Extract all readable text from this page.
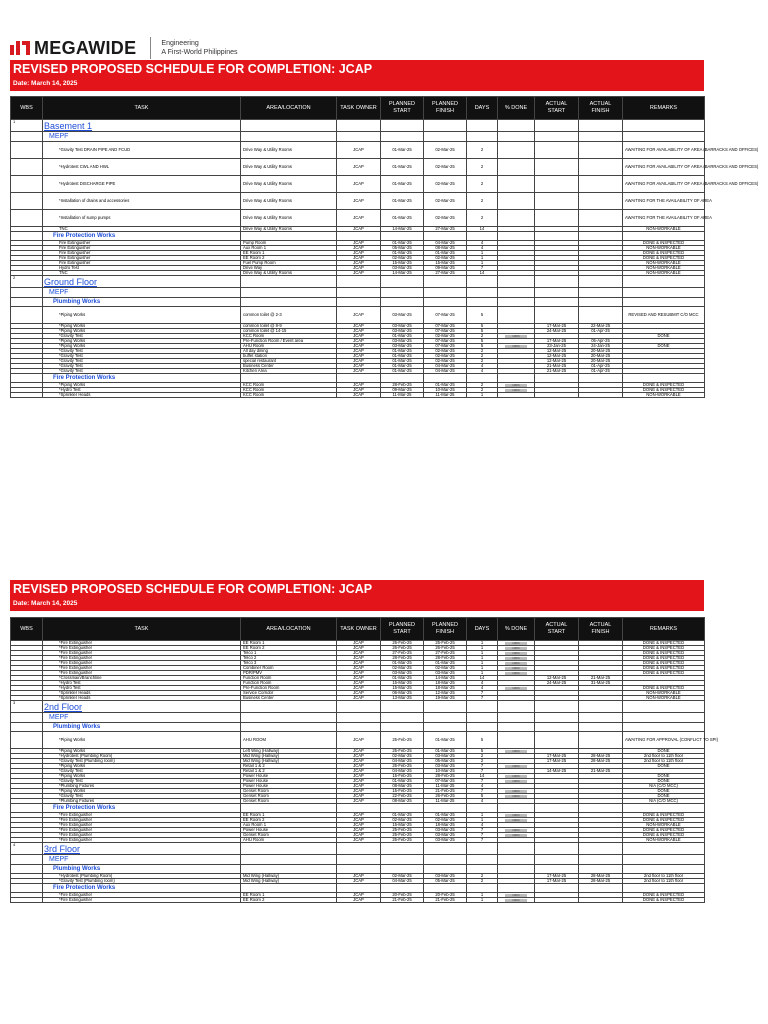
MEGAWIDE	Engineering
A First-World Philippines
REVISED PROPOSED SCHEDULE FOR COMPLETION: JCAP
Date: March 14, 2025
WBS	TASK	AREA/LOCATION	TASK OWNER	PLANNED START	PLANNED FINISH	DAYS	% DONE	ACTUAL START	ACTUAL FINISH	REMARKS
1	Basement 1									
	MEPF									
	*Gravity Test DRAIN PIPE AND FCUD	Drive Way & Utility Rooms	JCAP	01-Mar-25	02-Mar-25	2				AWAITING FOR AVAILABILITY OF AREA (BARRACKS AND OFFICES)
	*Hydrotest CWL AND HWL	Drive Way & Utility Rooms	JCAP	01-Mar-25	02-Mar-25	2				AWAITING FOR AVAILABILITY OF AREA (BARRACKS AND OFFICES)
	*Hydrotest DISCHARGE PIPE	Drive Way & Utility Rooms	JCAP	01-Mar-25	02-Mar-25	2				AWAITING FOR AVAILABILITY OF AREA (BARRACKS AND OFFICES)
	*Installation of drains and accessories	Drive Way & Utility Rooms	JCAP	01-Mar-25	02-Mar-25	2				AWAITING FOR THE AVAILABILITY OF AREA
	*Installation of sump pumps	Drive Way & Utility Rooms	JCAP	01-Mar-25	02-Mar-25	2				AWAITING FOR THE AVAILABILITY OF AREA
	TNC	Drive Way & Utility Rooms	JCAP	14-Mar-25	27-Mar-25	14				NON-WORKABLE
	Fire Protection Works									
	Fire Extinguisher	Pump Room	JCAP	01-Mar-25	04-Mar-25	4				DONE & INSPECTED
	Fire Extinguisher	Aux Room 1	JCAP	05-Mar-25	08-Mar-25	4				NON-WORKABLE
	Fire Extinguisher	EE Room 1	JCAP	01-Mar-25	01-Mar-25	1				DONE & INSPECTED
	Fire Extinguisher	EE Room 2	JCAP	02-Mar-25	02-Mar-25	1				DONE & INSPECTED
	Fire Extinguisher	Fuel Pump Room	JCAP	15-Mar-25	15-Mar-25	1				NON-WORKABLE
	Hydro Test	Drive Way	JCAP	03-Mar-25	09-Mar-25	7				NON-WORKABLE
	TNC	Drive Way & Utility Rooms	JCAP	14-Mar-25	27-Mar-25	14				NON-WORKABLE
2	Ground Floor									
	MEPF									
	Plumbing Works									
	*Piping Works	common toilet @ 2-3	JCAP	03-Mar-25	07-Mar-25	5				REVISED AND RESUBMIT C/O MCC
	*Piping Works	common toilet @ 8-9	JCAP	03-Mar-25	07-Mar-25	5		17-Mar-25	22-Mar-25	
	*Piping Works	common toilet @ 14-15	JCAP	03-Mar-25	07-Mar-25	5		24-Mar-25	01-Apr-25	
	*Gravity Test	KCC Room	JCAP	01-Mar-25	02-Mar-25	2	100%			DONE
	*Piping Works	Pre-Function Room / Event area	JCAP	03-Mar-25	07-Mar-25	5		17-Mar-25	05-Apr-25	
	*Piping Works	AHU Room	JCAP	03-Mar-25	07-Mar-25	5	100%	23-Jan-25	24-Jan-25	DONE
	*Gravity Test	All day dining	JCAP	01-Mar-25	02-Mar-25	2		12-Mar-25	20-Mar-25	
	*Gravity Test	buffet station	JCAP	01-Mar-25	02-Mar-25	2		12-Mar-25	20-Mar-25	
	*Gravity Test	special restaurant	JCAP	01-Mar-25	02-Mar-25	2		12-Mar-25	20-Mar-25	
	*Gravity Test	Business Center	JCAP	01-Mar-25	04-Mar-25	4		21-Mar-25	01-Apr-25	
	*Gravity Test	Kitchen Area	JCAP	01-Mar-25	04-Mar-25	4		21-Mar-25	01-Apr-25	
	Fire Protection Works									
	*Piping Works	KCC Room	JCAP	28-Feb-25	01-Mar-25	2	100%			DONE & INSPECTED
	*Hydro Test	KCC Room	JCAP	09-Mar-25	10-Mar-25	2	100%			DONE & INSPECTED
	*Sprinkler Heads	KCC Room	JCAP	11-Mar-25	11-Mar-25	1				NON-WORKABLE
REVISED PROPOSED SCHEDULE FOR COMPLETION: JCAP
Date: March 14, 2025
WBS	TASK	AREA/LOCATION	TASK OWNER	PLANNED START	PLANNED FINISH	DAYS	% DONE	ACTUAL START	ACTUAL FINISH	REMARKS
	*Fire Extinguisher	EE Room 1	JCAP	25-Feb-25	25-Feb-25	1	100%			DONE & INSPECTED
	*Fire Extinguisher	EE Room 2	JCAP	26-Feb-25	26-Feb-25	1	100%			DONE & INSPECTED
	*Fire Extinguisher	Telco 1	JCAP	27-Feb-25	27-Feb-25	1	100%			DONE & INSPECTED
	*Fire Extinguisher	Telco 2	JCAP	28-Feb-25	28-Feb-25	1	100%			DONE & INSPECTED
	*Fire Extinguisher	Telco 3	JCAP	01-Mar-25	01-Mar-25	1	100%			DONE & INSPECTED
	*Fire Extinguisher	Combiner Room	JCAP	02-Mar-25	02-Mar-25	1	100%			DONE & INSPECTED
	*Fire Extinguisher	PDR/PMV	JCAP	03-Mar-25	03-Mar-25	1	100%			DONE & INSPECTED
	*Crossmain/Branchline	Function Room	JCAP	01-Mar-25	14-Mar-25	14		12-Mar-25	21-Mar-25	
	*Hydro Test	Function Room	JCAP	15-Mar-25	18-Mar-25	4		24-Mar-25	31-Mar-25	
	*Hydro Test	Pre-Function Room	JCAP	15-Mar-25	18-Mar-25	4	100%			DONE & INSPECTED
	*Sprinkler Heads	Service Corridor	JCAP	06-Mar-25	12-Mar-25	7				NON-WORKABLE
	*Sprinkler Heads	Business Center	JCAP	13-Mar-25	19-Mar-25	7				NON-WORKABLE
3	2nd Floor									
	MEPF									
	Plumbing Works									
	*Piping Works	AHU ROOM	JCAP	25-Feb-25	01-Mar-25	5				AWAITING FOR APPROVAL (CONFLICT TO SPI)
	*Piping Works	Left Wing (Hallway)	JCAP	25-Feb-25	01-Mar-25	5	100%			DONE
	*Hydrotest (Plumbing Room)	Mid Wing (Hallway)	JCAP	02-Mar-25	03-Mar-25	2		17-Mar-25	28-Mar-25	2nd floor to 11th floor
	*Gravity Test (Plumbing room)	Mid Wing (Hallway)	JCAP	04-Mar-25	05-Mar-25	2		17-Mar-25	28-Mar-25	2nd floor to 11th floor
	*Piping Works	Retail 1 & 2	JCAP	25-Feb-25	03-Mar-25	7	100%			DONE
	*Gravity Test	Retail 1 & 2	JCAP	04-Mar-25	10-Mar-25	7		14-Mar-25	21-Mar-25	
	*Piping Works	Power House	JCAP	15-Feb-25	28-Feb-25	14	100%			DONE
	*Gravity Test	Power House	JCAP	01-Mar-25	07-Mar-25	7	100%			DONE
	*Plumbing Fixtures	Power House	JCAP	08-Mar-25	11-Mar-25	4				N/A (C/O MCC)
	*Piping Works	Genset Room	JCAP	15-Feb-25	21-Feb-25	7	100%			DONE
	*Gravity Test	Genset Room	JCAP	22-Feb-25	26-Feb-25	5	100%			DONE
	*Plumbing Fixtures	Genset Room	JCAP	08-Mar-25	11-Mar-25	4				N/A (C/O MCC)
	Fire Protection Works									
	*Fire Extinguisher	EE Room 1	JCAP	01-Mar-25	01-Mar-25	1	100%			DONE & INSPECTED
	*Fire Extinguisher	EE Room 2	JCAP	02-Mar-25	02-Mar-25	1	100%			DONE & INSPECTED
	*Fire Extinguisher	Aux Room 1	JCAP	15-Mar-25	18-Mar-25	4				NON-WORKABLE
	*Fire Extinguisher	Power House	JCAP	25-Feb-25	03-Mar-25	7	100%			DONE & INSPECTED
	*Fire Extinguisher	Genset Room	JCAP	25-Feb-25	03-Mar-25	7	100%			DONE & INSPECTED
	*Fire Extinguisher	AHU Room	JCAP	25-Feb-25	03-Mar-25	7				NON-WORKABLE
4	3rd Floor									
	MEPF									
	Plumbing Works									
	*Hydrotest (Plumbing Room)	Mid Wing (Hallway)	JCAP	02-Mar-25	03-Mar-25	2		17-Mar-25	28-Mar-25	2nd floor to 11th floor
	*Gravity Test (Plumbing room)	Mid Wing (Hallway)	JCAP	04-Mar-25	05-Mar-25	2		17-Mar-25	28-Mar-25	2nd floor to 11th floor
	Fire Protection Works									
	*Fire Extinguisher	EE Room 1	JCAP	20-Feb-25	20-Feb-25	1	100%			DONE & INSPECTED
	*Fire Extinguisher	EE Room 2	JCAP	21-Feb-25	21-Feb-25	1	100%			DONE & INSPECTED
